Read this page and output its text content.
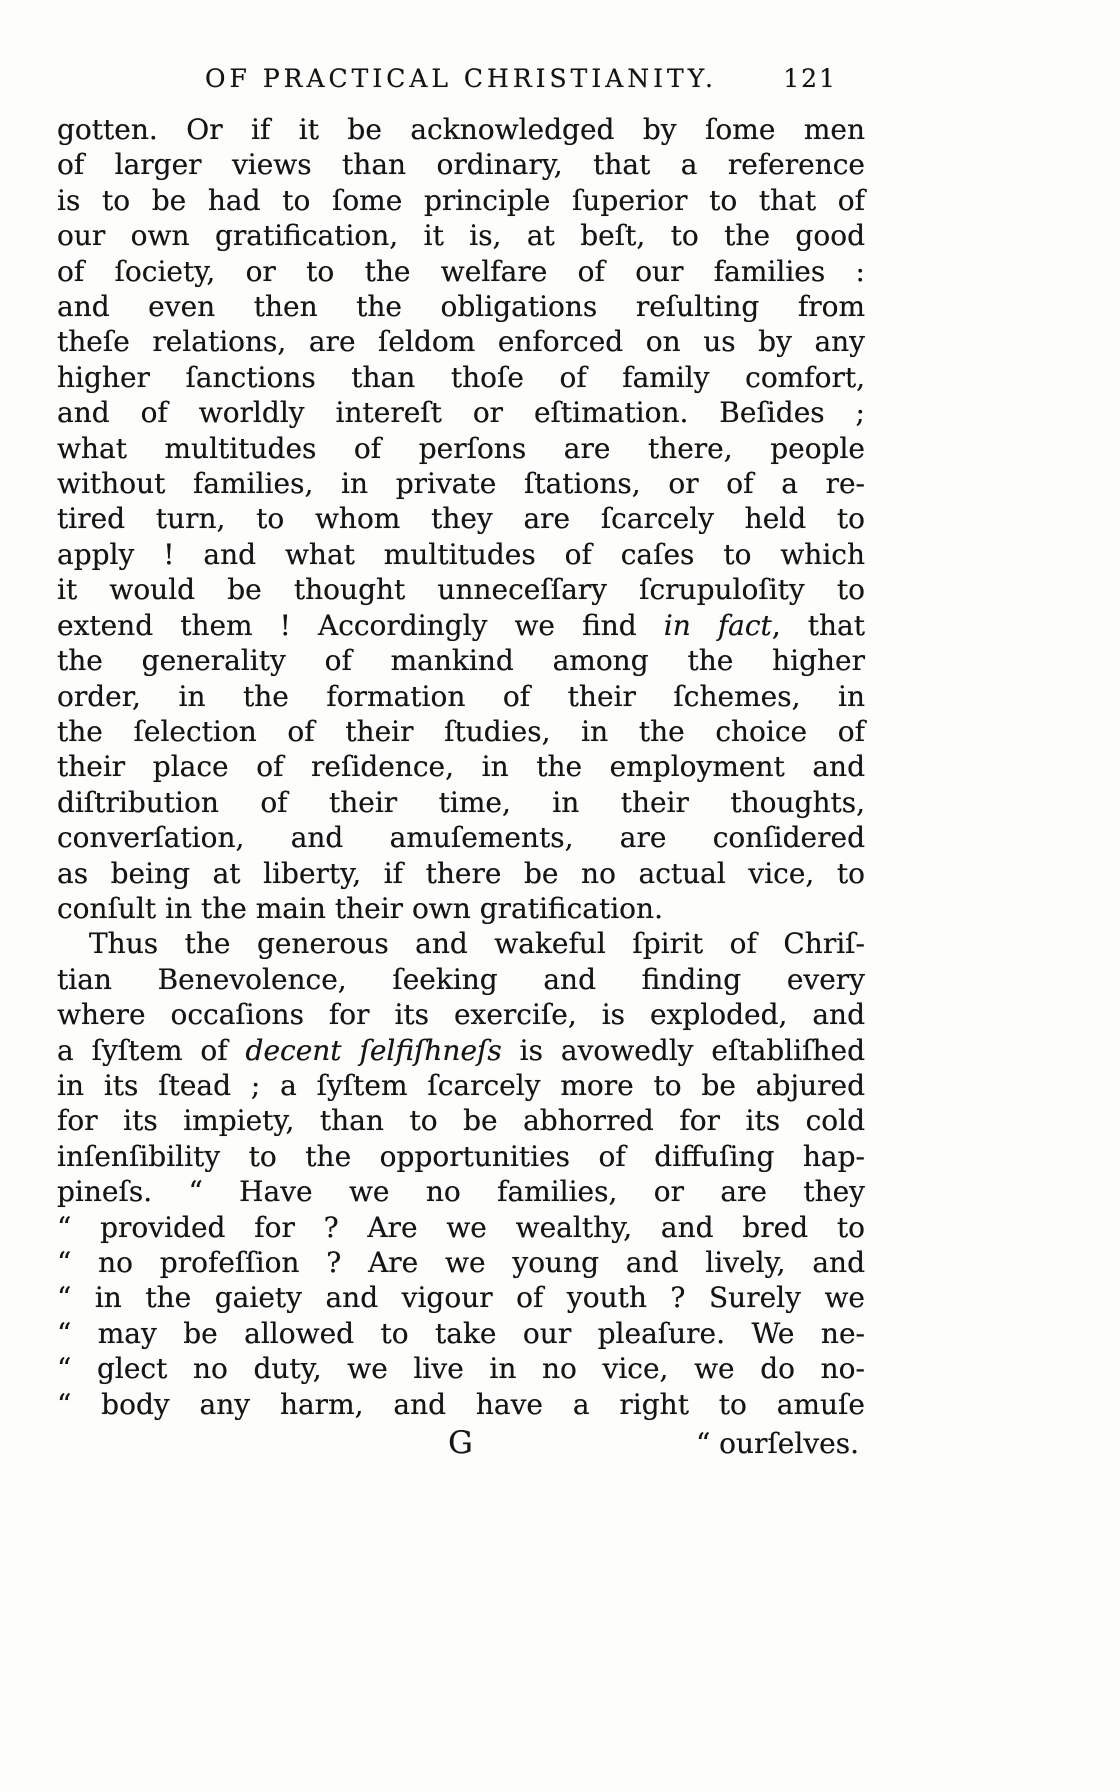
OF PRACTICAL CHRISTIANITY.	121
gotten. Or if it be acknowledged by ſome men
of larger views than ordinary, that a reference
is to be had to ſome principle ſuperior to that of
our own gratification, it is, at beſt, to the good
of ſociety, or to the welfare of our families :
and even then the obligations reſulting from
theſe relations, are ſeldom enforced on us by any
higher ſanctions than thoſe of family comfort,
and of worldly intereſt or eſtimation. Beſides ;
what multitudes of perſons are there, people
without families, in private ſtations, or of a re-
tired turn, to whom they are ſcarcely held to
apply ! and what multitudes of caſes to which
it would be thought unneceſſary ſcrupuloſity to
extend them ! Accordingly we find in fact, that
the generality of mankind among the higher
order, in the formation of their ſchemes, in
the ſelection of their ſtudies, in the choice of
their place of reſidence, in the employment and
diſtribution of their time, in their thoughts,
converſation, and amuſements, are conſidered
as being at liberty, if there be no actual vice, to
conſult in the main their own gratification.
Thus the generous and wakeful ſpirit of Chriſ-
tian Benevolence, ſeeking and finding every
where occaſions for its exerciſe, is exploded, and
a ſyſtem of decent ſelfiſhneſs is avowedly eſtabliſhed
in its ſtead ; a ſyſtem ſcarcely more to be abjured
for its impiety, than to be abhorred for its cold
inſenſibility to the opportunities of diffuſing hap-
pineſs. “ Have we no families, or are they
“ provided for ? Are we wealthy, and bred to
“ no profeſſion ? Are we young and lively, and
“ in the gaiety and vigour of youth ? Surely we
“ may be allowed to take our pleaſure. We ne-
“ glect no duty, we live in no vice, we do no-
“ body any harm, and have a right to amuſe
G	“ ourſelves.
